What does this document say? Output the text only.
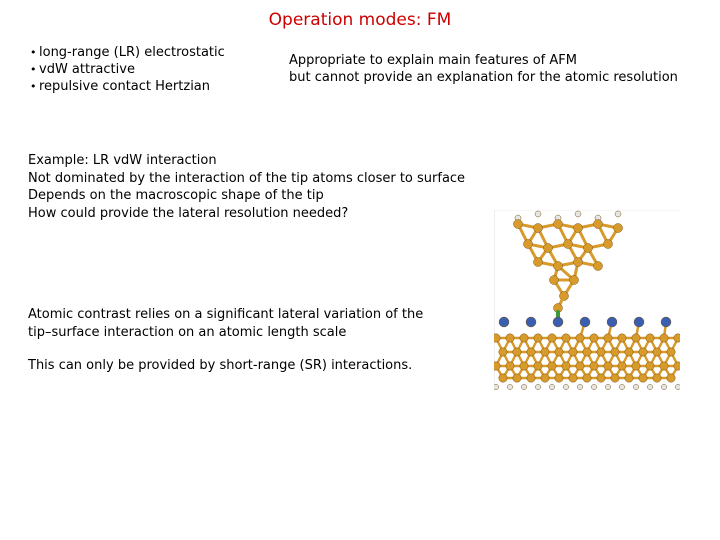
Operation modes: FM
• long-range (LR) electrostatic
• vdW attractive
• repulsive contact Hertzian
Appropriate to explain main features of AFM
but cannot provide an explanation for the atomic resolution
Example: LR vdW interaction
Not dominated by the interaction of the tip atoms closer to surface
Depends on the macroscopic shape of the tip
How could provide the lateral resolution needed?
Atomic contrast relies on a significant lateral variation of the
tip–surface interaction on an atomic length scale
This can only be provided by short-range (SR) interactions.
